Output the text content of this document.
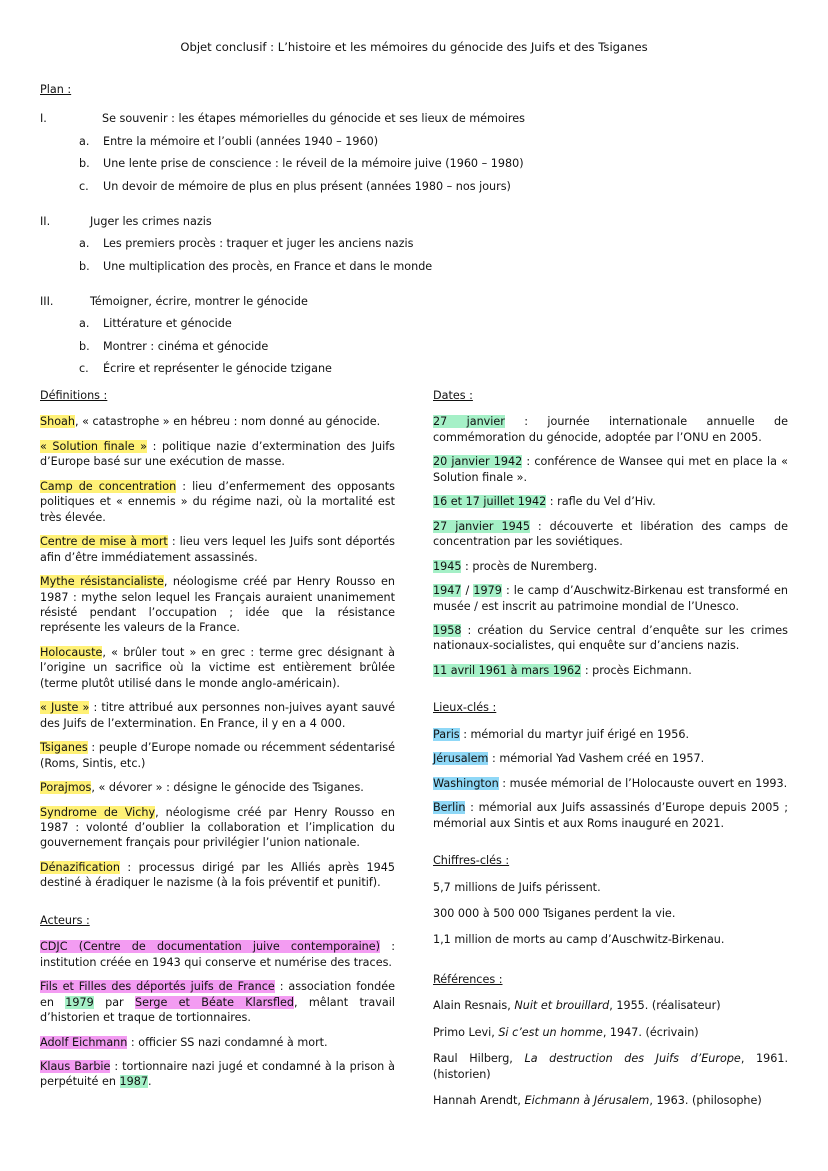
Objet conclusif : L’histoire et les mémoires du génocide des Juifs et des Tsiganes
Plan :
I.	Se souvenir : les étapes mémorielles du génocide et ses lieux de mémoires
a.	Entre la mémoire et l’oubli (années 1940 – 1960)
b.	Une lente prise de conscience : le réveil de la mémoire juive (1960 – 1980)
c.	Un devoir de mémoire de plus en plus présent (années 1980 – nos jours)
II.	Juger les crimes nazis
a.	Les premiers procès : traquer et juger les anciens nazis
b.	Une multiplication des procès, en France et dans le monde
III.	Témoigner, écrire, montrer le génocide
a.	Littérature et génocide
b.	Montrer : cinéma et génocide
c.	Écrire et représenter le génocide tzigane
Définitions :
Shoah, « catastrophe » en hébreu : nom donné au génocide.
« Solution finale » : politique nazie d’extermination des Juifs d’Europe basé sur une exécution de masse.
Camp de concentration : lieu d’enfermement des opposants politiques et « ennemis » du régime nazi, où la mortalité est très élevée.
Centre de mise à mort : lieu vers lequel les Juifs sont déportés afin d’être immédiatement assassinés.
Mythe résistancialiste, néologisme créé par Henry Rousso en 1987 : mythe selon lequel les Français auraient unanimement résisté pendant l’occupation ; idée que la résistance représente les valeurs de la France.
Holocauste, « brûler tout » en grec : terme grec désignant à l’origine un sacrifice où la victime est entièrement brûlée (terme plutôt utilisé dans le monde anglo-américain).
« Juste » : titre attribué aux personnes non-juives ayant sauvé des Juifs de l’extermination. En France, il y en a 4 000.
Tsiganes : peuple d’Europe nomade ou récemment sédentarisé (Roms, Sintis, etc.)
Porajmos, « dévorer » : désigne le génocide des Tsiganes.
Syndrome de Vichy, néologisme créé par Henry Rousso en 1987 : volonté d’oublier la collaboration et l’implication du gouvernement français pour privilégier l’union nationale.
Dénazification : processus dirigé par les Alliés après 1945 destiné à éradiquer le nazisme (à la fois préventif et punitif).
Acteurs :
CDJC (Centre de documentation juive contemporaine) : institution créée en 1943 qui conserve et numérise des traces.
Fils et Filles des déportés juifs de France : association fondée en 1979 par Serge et Béate Klarsfled, mêlant travail d’historien et traque de tortionnaires.
Adolf Eichmann : officier SS nazi condamné à mort.
Klaus Barbie : tortionnaire nazi jugé et condamné à la prison à perpétuité en 1987.
Dates :
27 janvier : journée internationale annuelle de commémoration du génocide, adoptée par l’ONU en 2005.
20 janvier 1942 : conférence de Wansee qui met en place la « Solution finale ».
16 et 17 juillet 1942 : rafle du Vel d’Hiv.
27 janvier 1945 : découverte et libération des camps de concentration par les soviétiques.
1945 : procès de Nuremberg.
1947 / 1979 : le camp d’Auschwitz-Birkenau est transformé en musée / est inscrit au patrimoine mondial de l’Unesco.
1958 : création du Service central d’enquête sur les crimes nationaux-socialistes, qui enquête sur d’anciens nazis.
11 avril 1961 à mars 1962 : procès Eichmann.
Lieux-clés :
Paris : mémorial du martyr juif érigé en 1956.
Jérusalem : mémorial Yad Vashem créé en 1957.
Washington : musée mémorial de l’Holocauste ouvert en 1993.
Berlin : mémorial aux Juifs assassinés d’Europe depuis 2005 ; mémorial aux Sintis et aux Roms inauguré en 2021.
Chiffres-clés :
5,7 millions de Juifs périssent.
300 000 à 500 000 Tsiganes perdent la vie.
1,1 million de morts au camp d’Auschwitz-Birkenau.
Références :
Alain Resnais, Nuit et brouillard, 1955. (réalisateur)
Primo Levi, Si c’est un homme, 1947. (écrivain)
Raul Hilberg, La destruction des Juifs d’Europe, 1961. (historien)
Hannah Arendt, Eichmann à Jérusalem, 1963. (philosophe)
